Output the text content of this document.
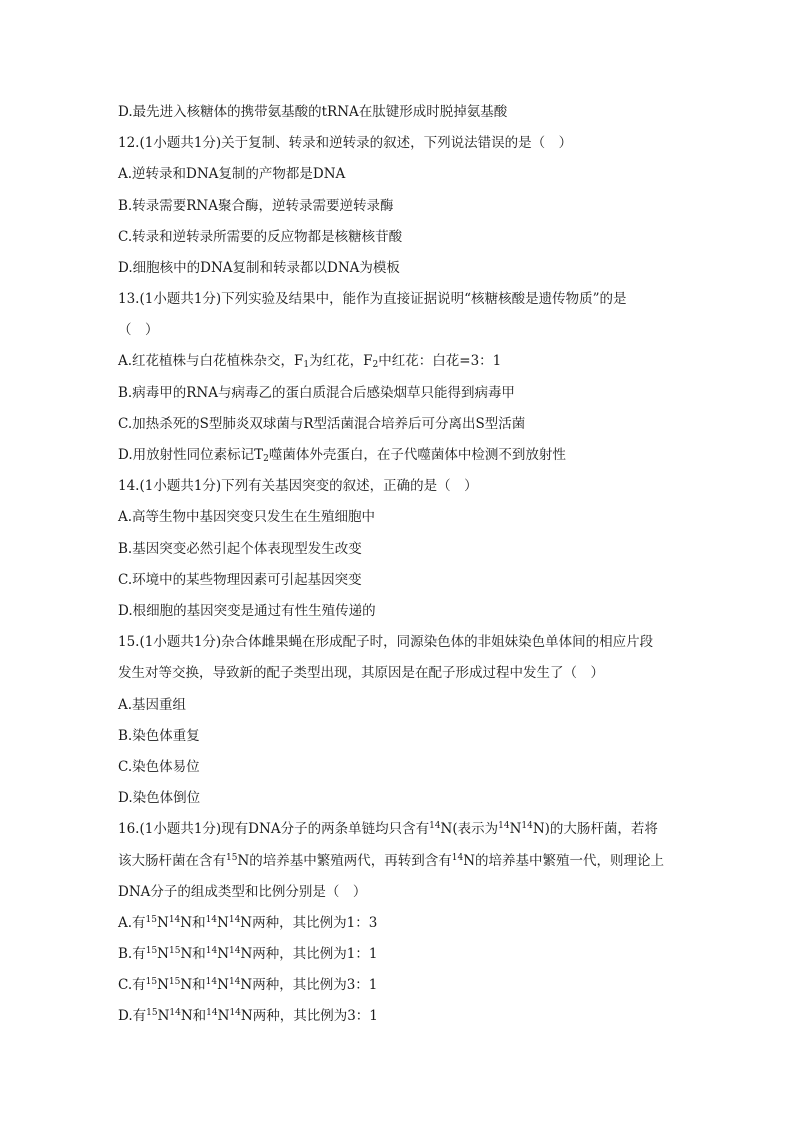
D.最先进入核糖体的携带氨基酸的tRNA在肽键形成时脱掉氨基酸
12.(1小题共1分)关于复制、转录和逆转录的叙述，下列说法错误的是（　）
A.逆转录和DNA复制的产物都是DNA
B.转录需要RNA聚合酶，逆转录需要逆转录酶
C.转录和逆转录所需要的反应物都是核糖核苷酸
D.细胞核中的DNA复制和转录都以DNA为模板
13.(1小题共1分)下列实验及结果中，能作为直接证据说明“核糖核酸是遗传物质”的是
（　）
A.红花植株与白花植株杂交，$F_1$为红花，$F_2$中红花：白花=3：1
B.病毒甲的RNA与病毒乙的蛋白质混合后感染烟草只能得到病毒甲
C.加热杀死的S型肺炎双球菌与R型活菌混合培养后可分离出S型活菌
D.用放射性同位素标记$T_2$噬菌体外壳蛋白，在子代噬菌体中检测不到放射性
14.(1小题共1分)下列有关基因突变的叙述，正确的是（　）
A.高等生物中基因突变只发生在生殖细胞中
B.基因突变必然引起个体表现型发生改变
C.环境中的某些物理因素可引起基因突变
D.根细胞的基因突变是通过有性生殖传递的
15.(1小题共1分)杂合体雌果蝇在形成配子时，同源染色体的非姐妹染色单体间的相应片段
发生对等交换，导致新的配子类型出现，其原因是在配子形成过程中发生了（　）
A.基因重组
B.染色体重复
C.染色体易位
D.染色体倒位
16.(1小题共1分)现有DNA分子的两条单链均只含有$^{14}$N(表示为$^{14}N^{14}N$)的大肠杆菌，若将
该大肠杆菌在含有$^{15}$N的培养基中繁殖两代，再转到含有$^{14}$N的培养基中繁殖一代，则理论上
DNA分子的组成类型和比例分别是（　）
A.有$^{15}N^{14}N$和$^{14}N^{14}N$两种，其比例为1：3
B.有$^{15}N^{15}N$和$^{14}N^{14}N$两种，其比例为1：1
C.有$^{15}N^{15}N$和$^{14}N^{14}N$两种，其比例为3：1
D.有$^{15}N^{14}N$和$^{14}N^{14}N$两种，其比例为3：1
